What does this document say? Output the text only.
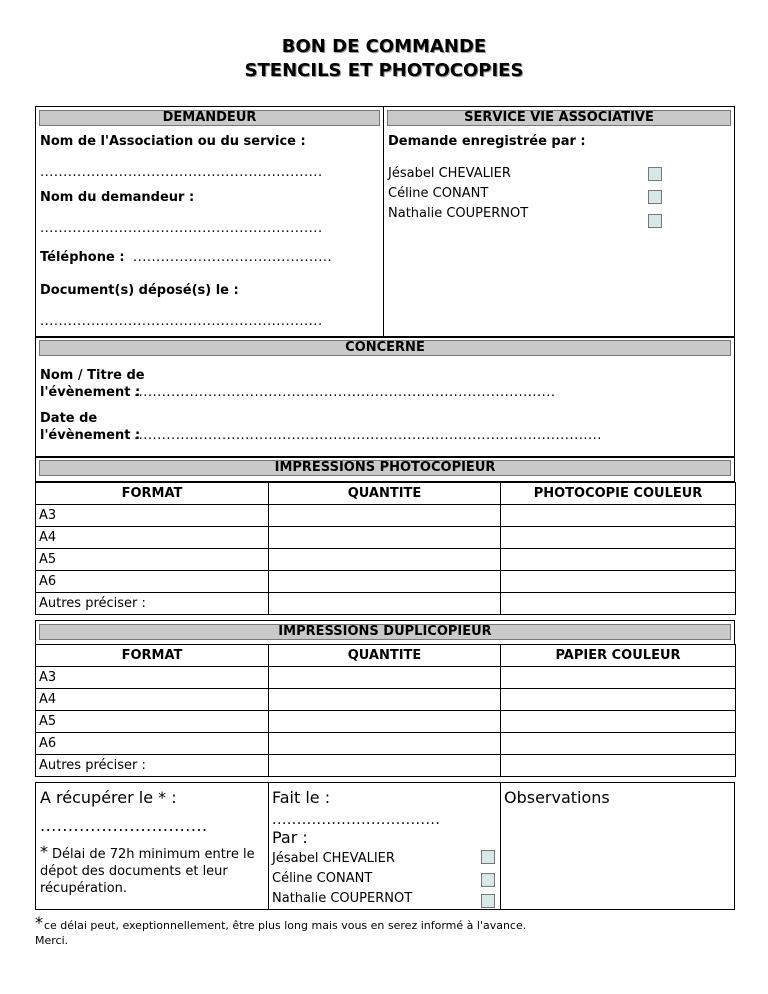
BON DE COMMANDE
STENCILS ET PHOTOCOPIES
DEMANDEUR
Nom de l'Association ou du service :
.............................................................
Nom du demandeur :
.............................................................
Téléphone : ...........................................
Document(s) déposé(s) le :
.............................................................
SERVICE VIE ASSOCIATIVE
Demande enregistrée par :
Jésabel CHEVALIER
Céline CONANT
Nathalie COUPERNOT
CONCERNE
Nom / Titre de
l'évènement :
...........................................................................................
Date de
l'évènement :
.....................................................................................................
IMPRESSIONS PHOTOCOPIEUR
FORMAT	QUANTITE	PHOTOCOPIE COULEUR
A3		
A4		
A5		
A6		
Autres préciser :		
IMPRESSIONS DUPLICOPIEUR
FORMAT	QUANTITE	PAPIER COULEUR
A3		
A4		
A5		
A6		
Autres préciser :		
A récupérer le * :
..............................
* Délai de 72h minimum entre le dépot des documents et leur récupération.
Fait le :
..................................
Par :
Jésabel CHEVALIER
Céline CONANT
Nathalie COUPERNOT
Observations
* ce délai peut, exeptionnellement, être plus long mais vous en serez informé à l'avance.
Merci.
